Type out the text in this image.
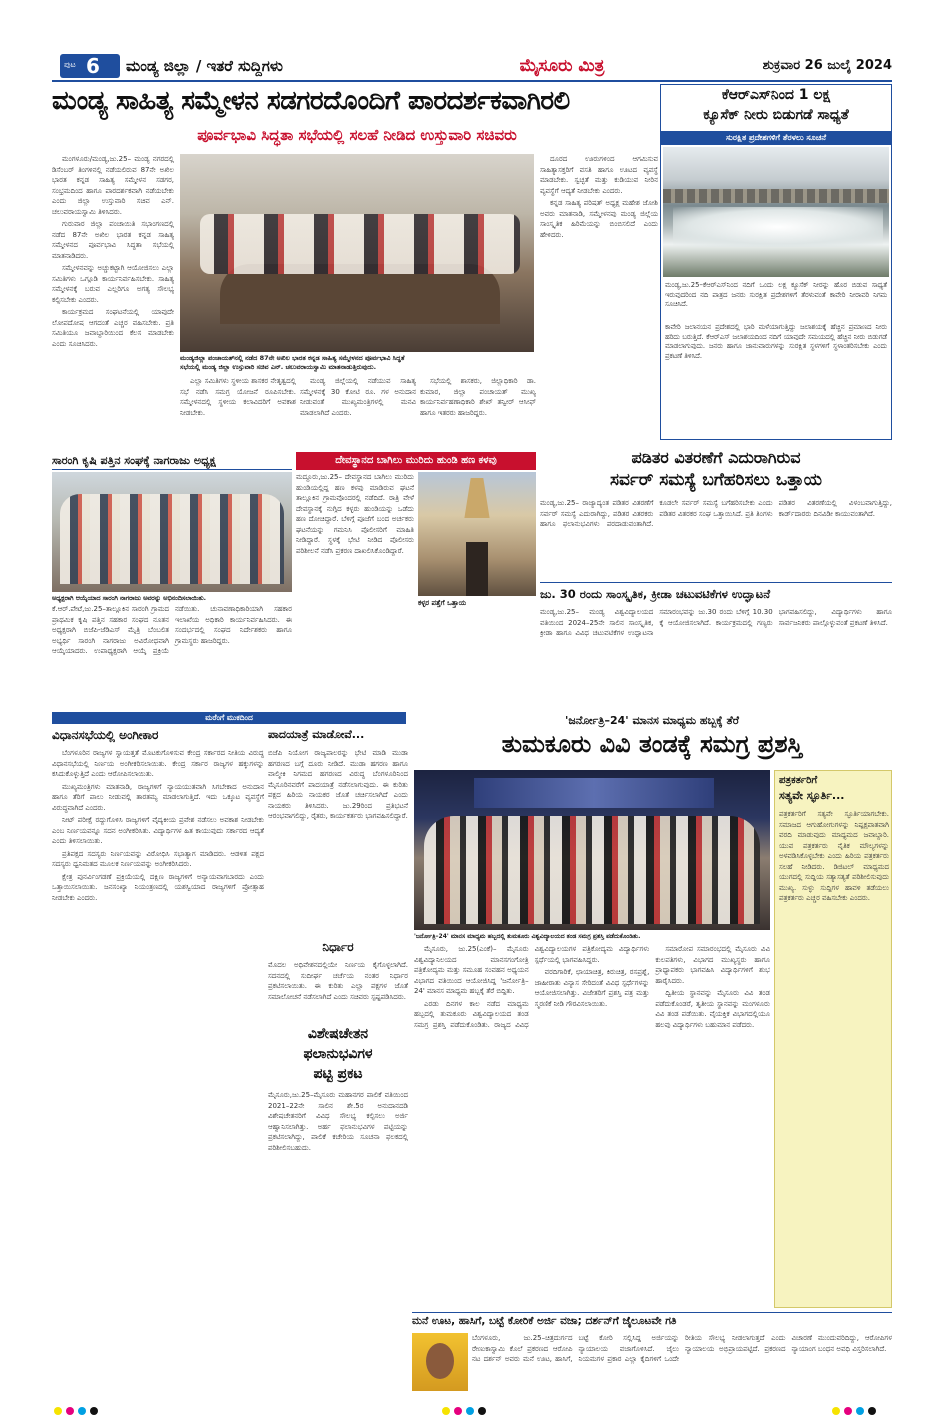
ಪುಟ 6 ಮಂಡ್ಯ ಜಿಲ್ಲಾ / ಇತರೆ ಸುದ್ದಿಗಳು	ಮೈಸೂರು ಮಿತ್ರ	ಶುಕ್ರವಾರ 26 ಜುಲೈ 2024
ಮಂಡ್ಯ ಸಾಹಿತ್ಯ ಸಮ್ಮೇಳನ ಸಡಗರದೊಂದಿಗೆ ಪಾರದರ್ಶಕವಾಗಿರಲಿ
ಪೂರ್ವಭಾವಿ ಸಿದ್ಧತಾ ಸಭೆಯಲ್ಲಿ ಸಲಹೆ ನೀಡಿದ ಉಸ್ತುವಾರಿ ಸಚಿವರು

ಮಂಗಳೂರು/ಮಂಡ್ಯ,ಜು.25– ಮಂಡ್ಯ ನಗರದಲ್ಲಿ ಡಿಸೆಂಬರ್ ತಿಂಗಳಿನಲ್ಲಿ ನಡೆಯಲಿರುವ 87ನೇ ಅಖಿಲ ಭಾರತ ಕನ್ನಡ ಸಾಹಿತ್ಯ ಸಮ್ಮೇಳನ ಸಡಗರ, ಸಂಭ್ರಮದಿಂದ ಹಾಗೂ ಪಾರದರ್ಶಕವಾಗಿ ನಡೆಯಬೇಕು ಎಂದು ಜಿಲ್ಲಾ ಉಸ್ತುವಾರಿ ಸಚಿವ ಎನ್. ಚಲುವರಾಯಸ್ವಾಮಿ ತಿಳಿಸಿದರು.

ಗುರುವಾರ ಜಿಲ್ಲಾ ಪಂಚಾಯಿತಿ ಸಭಾಂಗಣದಲ್ಲಿ ನಡೆದ 87ನೇ ಅಖಿಲ ಭಾರತ ಕನ್ನಡ ಸಾಹಿತ್ಯ ಸಮ್ಮೇಳನದ ಪೂರ್ವಭಾವಿ ಸಿದ್ಧತಾ ಸಭೆಯಲ್ಲಿ ಮಾತನಾಡಿದರು.

ಸಮ್ಮೇಳನವನ್ನು ಅಚ್ಚುಕಟ್ಟಾಗಿ ಆಯೋಜಿಸಲು ಎಲ್ಲಾ ಸಮಿತಿಗಳು ಒಗ್ಗೂಡಿ ಕಾರ್ಯನಿರ್ವಹಿಸಬೇಕು. ಸಾಹಿತ್ಯ ಸಮ್ಮೇಳನಕ್ಕೆ ಬರುವ ಎಲ್ಲರಿಗೂ ಅಗತ್ಯ ಸೌಲಭ್ಯ ಕಲ್ಪಿಸಬೇಕು ಎಂದರು.

ಕಾರ್ಯಕ್ರಮದ ಸಂಘಟನೆಯಲ್ಲಿ ಯಾವುದೇ ಲೋಪದೋಷ ಆಗದಂತೆ ಎಚ್ಚರ ವಹಿಸಬೇಕು. ಪ್ರತಿ ಸಮಿತಿಯೂ ಜವಾಬ್ದಾರಿಯಿಂದ ಕೆಲಸ ಮಾಡಬೇಕು ಎಂದು ಸೂಚಿಸಿದರು.

ಮಂಡ್ಯಜಿಲ್ಲಾ ಪಂಚಾಯತ್‌ನಲ್ಲಿ ನಡೆದ 87ನೇ ಅಖಿಲ ಭಾರತ ಕನ್ನಡ ಸಾಹಿತ್ಯ ಸಮ್ಮೇಳನದ ಪೂರ್ವಭಾವಿ ಸಿದ್ಧತೆ
ಸಭೆಯಲ್ಲಿ ಮಂಡ್ಯ ಜಿಲ್ಲಾ ಉಸ್ತುವಾರಿ ಸಚಿವ ಎನ್. ಚಲುವರಾಯಸ್ವಾಮಿ ಮಾತನಾಡುತ್ತಿರುವುದು.

ಎಲ್ಲಾ ಸಮಿತಿಗಳು ಸ್ಥಳೀಯ ಶಾಸಕರ ನೇತೃತ್ವದಲ್ಲಿ ಸಭೆ ನಡೆಸಿ ಸಮಗ್ರ ಯೋಜನೆ ರೂಪಿಸಬೇಕು. ಸಮ್ಮೇಳನದಲ್ಲಿ ಸ್ಥಳೀಯ ಕಲಾವಿದರಿಗೆ ಅವಕಾಶ ನೀಡಬೇಕು.

ಮಂಡ್ಯ ಜಿಲ್ಲೆಯಲ್ಲಿ ನಡೆಯುವ ಸಾಹಿತ್ಯ ಸಮ್ಮೇಳನಕ್ಕೆ 30 ಕೋಟಿ ರೂ. ಗಳ ಅನುದಾನ ನೀಡುವಂತೆ ಮುಖ್ಯಮಂತ್ರಿಗಳಲ್ಲಿ ಮನವಿ ಮಾಡಲಾಗಿದೆ ಎಂದರು.

ಸಭೆಯಲ್ಲಿ ಶಾಸಕರು, ಜಿಲ್ಲಾಧಿಕಾರಿ ಡಾ. ಕುಮಾರ, ಜಿಲ್ಲಾ ಪಂಚಾಯತ್ ಮುಖ್ಯ ಕಾರ್ಯನಿರ್ವಹಣಾಧಿಕಾರಿ ಶೇಖ್ ತನ್ವೀರ್ ಆಸೀಫ್ ಹಾಗೂ ಇತರರು ಹಾಜರಿದ್ದರು.

ದೂರದ ಊರುಗಳಿಂದ ಆಗಮಿಸುವ ಸಾಹಿತ್ಯಾಸಕ್ತರಿಗೆ ವಸತಿ ಹಾಗೂ ಊಟದ ವ್ಯವಸ್ಥೆ ಮಾಡಬೇಕು. ಸ್ವಚ್ಛತೆ ಮತ್ತು ಕುಡಿಯುವ ನೀರಿನ ವ್ಯವಸ್ಥೆಗೆ ಆದ್ಯತೆ ನೀಡಬೇಕು ಎಂದರು.

ಕನ್ನಡ ಸಾಹಿತ್ಯ ಪರಿಷತ್ ಅಧ್ಯಕ್ಷ ಮಹೇಶ ಜೋಶಿ ಅವರು ಮಾತನಾಡಿ, ಸಮ್ಮೇಳನವು ಮಂಡ್ಯ ಜಿಲ್ಲೆಯ ಸಾಂಸ್ಕೃತಿಕ ಹಿರಿಮೆಯನ್ನು ಬಿಂಬಿಸಲಿದೆ ಎಂದು ಹೇಳಿದರು.

ಕೆಆರ್‌ಎಸ್‌ನಿಂದ 1 ಲಕ್ಷ
ಕ್ಯೂಸೆಕ್ ನೀರು ಬಿಡುಗಡೆ ಸಾಧ್ಯತೆ
ಸುರಕ್ಷಿತ ಪ್ರದೇಶಗಳಿಗೆ ತೆರಳಲು ಸೂಚನೆ
ಮಂಡ್ಯ,ಜು.25–ಕೆಆರ್‌ಎಸ್‌ನಿಂದ ನದಿಗೆ ಒಂದು ಲಕ್ಷ ಕ್ಯೂಸೆಕ್ ನೀರನ್ನು ಹೊರ ಬಿಡುವ ಸಾಧ್ಯತೆ ಇರುವುದರಿಂದ ನದಿ ಪಾತ್ರದ ಜನರು ಸುರಕ್ಷಿತ ಪ್ರದೇಶಗಳಿಗೆ ತೆರಳುವಂತೆ ಕಾವೇರಿ ನೀರಾವರಿ ನಿಗಮ ಸೂಚಿಸಿದೆ.
ಕಾವೇರಿ ಜಲಾನಯನ ಪ್ರದೇಶದಲ್ಲಿ ಭಾರಿ ಮಳೆಯಾಗುತ್ತಿದ್ದು ಜಲಾಶಯಕ್ಕೆ ಹೆಚ್ಚಿನ ಪ್ರಮಾಣದ ನೀರು ಹರಿದು ಬರುತ್ತಿದೆ. ಕೆಆರ್‌ಎಸ್ ಜಲಾಶಯದಿಂದ ನದಿಗೆ ಯಾವುದೇ ಸಮಯದಲ್ಲಿ ಹೆಚ್ಚಿನ ನೀರು ಬಿಡುಗಡೆ ಮಾಡಲಾಗುವುದು. ಜನರು ಹಾಗೂ ಜಾನುವಾರುಗಳನ್ನು ಸುರಕ್ಷಿತ ಸ್ಥಳಗಳಿಗೆ ಸ್ಥಳಾಂತರಿಸಬೇಕು ಎಂದು ಪ್ರಕಟಣೆ ತಿಳಿಸಿದೆ.
ಸಾರಂಗಿ ಕೃಷಿ ಪತ್ತಿನ ಸಂಘಕ್ಕೆ ನಾಗರಾಜು ಅಧ್ಯಕ್ಷ
ಅಧ್ಯಕ್ಷರಾಗಿ ಆಯ್ಕೆಯಾದ ಸಾರಂಗಿ ನಾಗರಾಜು ಅವರನ್ನು ಅಭಿನಂದಿಸಲಾಯಿತು.
ಕೆ.ಆರ್.ಪೇಟೆ,ಜು.25–ತಾಲ್ಲೂಕಿನ ಸಾರಂಗಿ ಗ್ರಾಮದ ಪ್ರಾಥಮಿಕ ಕೃಷಿ ಪತ್ತಿನ ಸಹಕಾರ ಸಂಘದ ನೂತನ ಅಧ್ಯಕ್ಷರಾಗಿ ಬಿಜೆಪಿ-ಜೆಡಿಎಸ್ ಮೈತ್ರಿ ಬೆಂಬಲಿತ ಅಭ್ಯರ್ಥಿ ಸಾರಂಗಿ ನಾಗರಾಜು ಅವಿರೋಧವಾಗಿ ಆಯ್ಕೆಯಾದರು. ಉಪಾಧ್ಯಕ್ಷರಾಗಿ ಆಯ್ಕೆ ಪ್ರಕ್ರಿಯೆ ನಡೆಯಿತು. ಚುನಾವಣಾಧಿಕಾರಿಯಾಗಿ ಸಹಕಾರ ಇಲಾಖೆಯ ಅಧಿಕಾರಿ ಕಾರ್ಯನಿರ್ವಹಿಸಿದರು. ಈ ಸಂದರ್ಭದಲ್ಲಿ ಸಂಘದ ನಿರ್ದೇಶಕರು ಹಾಗೂ ಗ್ರಾಮಸ್ಥರು ಹಾಜರಿದ್ದರು.
ದೇವಸ್ಥಾನದ ಬಾಗಿಲು ಮುರಿದು ಹುಂಡಿ ಹಣ ಕಳವು
ಮದ್ದೂರು,ಜು.25– ದೇವಸ್ಥಾನದ ಬಾಗಿಲು ಮುರಿದು ಹುಂಡಿಯಲ್ಲಿದ್ದ ಹಣ ಕಳವು ಮಾಡಿರುವ ಘಟನೆ ತಾಲ್ಲೂಕಿನ ಗ್ರಾಮವೊಂದರಲ್ಲಿ ನಡೆದಿದೆ. ರಾತ್ರಿ ವೇಳೆ ದೇವಸ್ಥಾನಕ್ಕೆ ನುಗ್ಗಿದ ಕಳ್ಳರು ಹುಂಡಿಯನ್ನು ಒಡೆದು ಹಣ ದೋಚಿದ್ದಾರೆ. ಬೆಳಿಗ್ಗೆ ಪೂಜೆಗೆ ಬಂದ ಅರ್ಚಕರು ಘಟನೆಯನ್ನು ಗಮನಿಸಿ ಪೊಲೀಸರಿಗೆ ಮಾಹಿತಿ ನೀಡಿದ್ದಾರೆ. ಸ್ಥಳಕ್ಕೆ ಭೇಟಿ ನೀಡಿದ ಪೊಲೀಸರು ಪರಿಶೀಲನೆ ನಡೆಸಿ ಪ್ರಕರಣ ದಾಖಲಿಸಿಕೊಂಡಿದ್ದಾರೆ.
ಕಳ್ಳರ ಪತ್ತೆಗೆ ಒತ್ತಾಯ
ಪಡಿತರ ವಿತರಣೆಗೆ ಎದುರಾಗಿರುವ
ಸರ್ವರ್ ಸಮಸ್ಯೆ ಬಗೆಹರಿಸಲು ಒತ್ತಾಯ
ಮಂಡ್ಯ,ಜು.25– ರಾಜ್ಯಾದ್ಯಂತ ಪಡಿತರ ವಿತರಣೆಗೆ ಸರ್ವರ್ ಸಮಸ್ಯೆ ಎದುರಾಗಿದ್ದು, ಪಡಿತರ ವಿತರಕರು ಹಾಗೂ ಫಲಾನುಭವಿಗಳು ಪರದಾಡುವಂತಾಗಿದೆ. ಕೂಡಲೇ ಸರ್ವರ್ ಸಮಸ್ಯೆ ಬಗೆಹರಿಸಬೇಕು ಎಂದು ಪಡಿತರ ವಿತರಕರ ಸಂಘ ಒತ್ತಾಯಿಸಿದೆ. ಪ್ರತಿ ತಿಂಗಳು ಪಡಿತರ ವಿತರಣೆಯಲ್ಲಿ ವಿಳಂಬವಾಗುತ್ತಿದ್ದು, ಕಾರ್ಡ್‌ದಾರರು ದಿನವಿಡೀ ಕಾಯುವಂತಾಗಿದೆ.
ಜು. 30 ರಂದು ಸಾಂಸ್ಕೃತಿಕ, ಕ್ರೀಡಾ ಚಟುವಟಿಕೆಗಳ ಉದ್ಘಾಟನೆ
ಮಂಡ್ಯ,ಜು.25– ಮಂಡ್ಯ ವಿಶ್ವವಿದ್ಯಾಲಯದ ವತಿಯಿಂದ 2024–25ನೇ ಸಾಲಿನ ಸಾಂಸ್ಕೃತಿಕ, ಕ್ರೀಡಾ ಹಾಗೂ ವಿವಿಧ ಚಟುವಟಿಕೆಗಳ ಉದ್ಘಾಟನಾ ಸಮಾರಂಭವನ್ನು ಜು.30 ರಂದು ಬೆಳಿಗ್ಗೆ 10.30 ಕ್ಕೆ ಆಯೋಜಿಸಲಾಗಿದೆ. ಕಾರ್ಯಕ್ರಮದಲ್ಲಿ ಗಣ್ಯರು ಭಾಗವಹಿಸಲಿದ್ದು, ವಿದ್ಯಾರ್ಥಿಗಳು ಹಾಗೂ ಸಾರ್ವಜನಿಕರು ಪಾಲ್ಗೊಳ್ಳುವಂತೆ ಪ್ರಕಟಣೆ ತಿಳಿಸಿದೆ.
ಮರೆಂಗೆ ಮುಕದಿಂದ
ವಿಧಾನಸಭೆಯಲ್ಲಿ ಅಂಗೀಕಾರ

ಬೆಂಗಳೂರಿನ ರಾಜ್ಯಗಳ ಸ್ವಾಯತ್ತತೆ ಮೊಟಕುಗೊಳಿಸುವ ಕೇಂದ್ರ ಸರ್ಕಾರದ ನೀತಿಯ ವಿರುದ್ಧ ವಿಧಾನಸಭೆಯಲ್ಲಿ ನಿರ್ಣಯ ಅಂಗೀಕರಿಸಲಾಯಿತು. ಕೇಂದ್ರ ಸರ್ಕಾರ ರಾಜ್ಯಗಳ ಹಕ್ಕುಗಳನ್ನು ಕಸಿದುಕೊಳ್ಳುತ್ತಿದೆ ಎಂದು ಆರೋಪಿಸಲಾಯಿತು.

ಮುಖ್ಯಮಂತ್ರಿಗಳು ಮಾತನಾಡಿ, ರಾಜ್ಯಗಳಿಗೆ ನ್ಯಾಯಯುತವಾಗಿ ಸಿಗಬೇಕಾದ ಅನುದಾನ ಹಾಗೂ ತೆರಿಗೆ ಪಾಲು ನೀಡುವಲ್ಲಿ ತಾರತಮ್ಯ ಮಾಡಲಾಗುತ್ತಿದೆ. ಇದು ಒಕ್ಕೂಟ ವ್ಯವಸ್ಥೆಗೆ ವಿರುದ್ಧವಾಗಿದೆ ಎಂದರು.

ನೀಟ್ ಪರೀಕ್ಷೆ ರದ್ದುಗೊಳಿಸಿ ರಾಜ್ಯಗಳಿಗೆ ವೈದ್ಯಕೀಯ ಪ್ರವೇಶ ನಡೆಸಲು ಅವಕಾಶ ನೀಡಬೇಕು ಎಂಬ ನಿರ್ಣಯವನ್ನೂ ಸದನ ಅಂಗೀಕರಿಸಿತು. ವಿದ್ಯಾರ್ಥಿಗಳ ಹಿತ ಕಾಯುವುದು ಸರ್ಕಾರದ ಆದ್ಯತೆ ಎಂದು ತಿಳಿಸಲಾಯಿತು.

ಪ್ರತಿಪಕ್ಷದ ಸದಸ್ಯರು ನಿರ್ಣಯವನ್ನು ವಿರೋಧಿಸಿ ಸಭಾತ್ಯಾಗ ಮಾಡಿದರು. ಆಡಳಿತ ಪಕ್ಷದ ಸದಸ್ಯರು ಧ್ವನಿಮತದ ಮೂಲಕ ನಿರ್ಣಯವನ್ನು ಅಂಗೀಕರಿಸಿದರು.

ಕ್ಷೇತ್ರ ಪುನರ್ವಿಂಗಡಣೆ ಪ್ರಕ್ರಿಯೆಯಲ್ಲಿ ದಕ್ಷಿಣ ರಾಜ್ಯಗಳಿಗೆ ಅನ್ಯಾಯವಾಗಬಾರದು ಎಂದು ಒತ್ತಾಯಿಸಲಾಯಿತು. ಜನಸಂಖ್ಯಾ ನಿಯಂತ್ರಣದಲ್ಲಿ ಯಶಸ್ವಿಯಾದ ರಾಜ್ಯಗಳಿಗೆ ಪ್ರೋತ್ಸಾಹ ನೀಡಬೇಕು ಎಂದರು.

ಪಾದಯಾತ್ರೆ ಮಾಡೋವೆ...
ಬಿಜೆಪಿ ನಿಯೋಗ ರಾಜ್ಯಪಾಲರನ್ನು ಭೇಟಿ ಮಾಡಿ ಮುಡಾ ಹಗರಣದ ಬಗ್ಗೆ ದೂರು ನೀಡಿದೆ. ಮುಡಾ ಹಗರಣ ಹಾಗೂ ವಾಲ್ಮೀಕಿ ನಿಗಮದ ಹಗರಣದ ವಿರುದ್ಧ ಬೆಂಗಳೂರಿನಿಂದ ಮೈಸೂರಿನವರೆಗೆ ಪಾದಯಾತ್ರೆ ನಡೆಸಲಾಗುವುದು. ಈ ಕುರಿತು ಪಕ್ಷದ ಹಿರಿಯ ನಾಯಕರ ಜೊತೆ ಚರ್ಚಿಸಲಾಗಿದೆ ಎಂದು ನಾಯಕರು ತಿಳಿಸಿದರು. ಜು.29ರಿಂದ ಪ್ರತಿಭಟನೆ ಆರಂಭವಾಗಲಿದ್ದು, ರೈತರು, ಕಾರ್ಯಕರ್ತರು ಭಾಗವಹಿಸಲಿದ್ದಾರೆ.
ನಿರ್ಧಾರ
ಮೊದಲ ಅಧಿವೇಶನದಲ್ಲಿಯೇ ನಿರ್ಣಯ ಕೈಗೊಳ್ಳಲಾಗಿದೆ. ಸದನದಲ್ಲಿ ಸುದೀರ್ಘ ಚರ್ಚೆಯ ನಂತರ ನಿರ್ಧಾರ ಪ್ರಕಟಿಸಲಾಯಿತು. ಈ ಕುರಿತು ಎಲ್ಲಾ ಪಕ್ಷಗಳ ಜೊತೆ ಸಮಾಲೋಚನೆ ನಡೆಸಲಾಗಿದೆ ಎಂದು ಸಚಿವರು ಸ್ಪಷ್ಟಪಡಿಸಿದರು.
ವಿಶೇಷಚೇತನ
ಫಲಾನುಭವಿಗಳ
ಪಟ್ಟಿ ಪ್ರಕಟ
ಮೈಸೂರು,ಜು.25–ಮೈಸೂರು ಮಹಾನಗರ ಪಾಲಿಕೆ ವತಿಯಿಂದ 2021–22ನೇ ಸಾಲಿನ ಶೇ.5ರ ಅನುದಾನದಡಿ ವಿಶೇಷಚೇತನರಿಗೆ ವಿವಿಧ ಸೌಲಭ್ಯ ಕಲ್ಪಿಸಲು ಅರ್ಜಿ ಆಹ್ವಾನಿಸಲಾಗಿತ್ತು. ಅರ್ಹ ಫಲಾನುಭವಿಗಳ ಪಟ್ಟಿಯನ್ನು ಪ್ರಕಟಿಸಲಾಗಿದ್ದು, ಪಾಲಿಕೆ ಕಚೇರಿಯ ಸೂಚನಾ ಫಲಕದಲ್ಲಿ ಪರಿಶೀಲಿಸಬಹುದು.
'ಜರ್ನೋತ್ರಿ–24' ಮಾನಸ ಮಾಧ್ಯಮ ಹಬ್ಬಕ್ಕೆ ತೆರೆ
ತುಮಕೂರು ವಿವಿ ತಂಡಕ್ಕೆ ಸಮಗ್ರ ಪ್ರಶಸ್ತಿ
'ಜರ್ನೋತ್ರಿ–24' ಮಾನಸ ಮಾಧ್ಯಮ ಹಬ್ಬದಲ್ಲಿ ತುಮಕೂರು ವಿಶ್ವವಿದ್ಯಾಲಯದ ತಂಡ ಸಮಗ್ರ ಪ್ರಶಸ್ತಿ ಪಡೆದುಕೊಂಡಿತು.

ಮೈಸೂರು, ಜು.25(ಎಂಕೆ)– ಮೈಸೂರು ವಿಶ್ವವಿದ್ಯಾನಿಲಯದ ಮಾನಸಗಂಗೋತ್ರಿ ಪತ್ರಿಕೋದ್ಯಮ ಮತ್ತು ಸಮೂಹ ಸಂವಹನ ಅಧ್ಯಯನ ವಿಭಾಗದ ವತಿಯಿಂದ ಆಯೋಜಿಸಿದ್ದ 'ಜರ್ನೋತ್ರಿ–24' ಮಾನಸ ಮಾಧ್ಯಮ ಹಬ್ಬಕ್ಕೆ ತೆರೆ ಬಿದ್ದಿತು.

ಎರಡು ದಿನಗಳ ಕಾಲ ನಡೆದ ಮಾಧ್ಯಮ ಹಬ್ಬದಲ್ಲಿ ತುಮಕೂರು ವಿಶ್ವವಿದ್ಯಾಲಯದ ತಂಡ ಸಮಗ್ರ ಪ್ರಶಸ್ತಿ ಪಡೆದುಕೊಂಡಿತು. ರಾಜ್ಯದ ವಿವಿಧ ವಿಶ್ವವಿದ್ಯಾಲಯಗಳ ಪತ್ರಿಕೋದ್ಯಮ ವಿದ್ಯಾರ್ಥಿಗಳು ಸ್ಪರ್ಧೆಯಲ್ಲಿ ಭಾಗವಹಿಸಿದ್ದರು.

ವರದಿಗಾರಿಕೆ, ಛಾಯಾಚಿತ್ರ, ಕಿರುಚಿತ್ರ, ರಸಪ್ರಶ್ನೆ, ಜಾಹೀರಾತು ವಿನ್ಯಾಸ ಸೇರಿದಂತೆ ವಿವಿಧ ಸ್ಪರ್ಧೆಗಳನ್ನು ಆಯೋಜಿಸಲಾಗಿತ್ತು. ವಿಜೇತರಿಗೆ ಪ್ರಶಸ್ತಿ ಪತ್ರ ಮತ್ತು ಸ್ಮರಣಿಕೆ ನೀಡಿ ಗೌರವಿಸಲಾಯಿತು.

ಸಮಾರೋಪ ಸಮಾರಂಭದಲ್ಲಿ ಮೈಸೂರು ವಿವಿ ಕುಲಪತಿಗಳು, ವಿಭಾಗದ ಮುಖ್ಯಸ್ಥರು ಹಾಗೂ ಪ್ರಾಧ್ಯಾಪಕರು ಭಾಗವಹಿಸಿ ವಿದ್ಯಾರ್ಥಿಗಳಿಗೆ ಶುಭ ಹಾರೈಸಿದರು.

ದ್ವಿತೀಯ ಸ್ಥಾನವನ್ನು ಮೈಸೂರು ವಿವಿ ತಂಡ ಪಡೆದುಕೊಂಡರೆ, ತೃತೀಯ ಸ್ಥಾನವನ್ನು ಮಂಗಳೂರು ವಿವಿ ತಂಡ ಪಡೆಯಿತು. ವೈಯಕ್ತಿಕ ವಿಭಾಗದಲ್ಲಿಯೂ ಹಲವು ವಿದ್ಯಾರ್ಥಿಗಳು ಬಹುಮಾನ ಪಡೆದರು.

ಪತ್ರಕರ್ತರಿಗೆ
ಸತ್ಯವೇ ಸ್ಫೂರ್ತಿ...
ಪತ್ರಕರ್ತರಿಗೆ ಸತ್ಯವೇ ಸ್ಫೂರ್ತಿಯಾಗಬೇಕು. ಸಮಾಜದ ಆಗುಹೋಗುಗಳನ್ನು ನಿಷ್ಪಕ್ಷಪಾತವಾಗಿ ವರದಿ ಮಾಡುವುದು ಮಾಧ್ಯಮದ ಜವಾಬ್ದಾರಿ. ಯುವ ಪತ್ರಕರ್ತರು ನೈತಿಕ ಮೌಲ್ಯಗಳನ್ನು ಅಳವಡಿಸಿಕೊಳ್ಳಬೇಕು ಎಂದು ಹಿರಿಯ ಪತ್ರಕರ್ತರು ಸಲಹೆ ನೀಡಿದರು. ಡಿಜಿಟಲ್ ಮಾಧ್ಯಮದ ಯುಗದಲ್ಲಿ ಸುದ್ದಿಯ ಸತ್ಯಾಸತ್ಯತೆ ಪರಿಶೀಲಿಸುವುದು ಮುಖ್ಯ. ಸುಳ್ಳು ಸುದ್ದಿಗಳ ಹಾವಳಿ ತಡೆಯಲು ಪತ್ರಕರ್ತರು ಎಚ್ಚರ ವಹಿಸಬೇಕು ಎಂದರು.
ಮನೆ ಊಟ, ಹಾಸಿಗೆ, ಬಟ್ಟೆ ಕೋರಿಕೆ ಅರ್ಜಿ ವಜಾ; ದರ್ಶನ್‌ಗೆ ಜೈಲೂಟವೇ ಗತಿ
ಬೆಂಗಳೂರು, ಜು.25–ಚಿತ್ರದುರ್ಗದ ರೇಣುಕಾಸ್ವಾಮಿ ಕೊಲೆ ಪ್ರಕರಣದ ಆರೋಪಿ ನಟ ದರ್ಶನ್ ಅವರು ಮನೆ ಊಟ, ಹಾಸಿಗೆ, ಬಟ್ಟೆ ಕೋರಿ ಸಲ್ಲಿಸಿದ್ದ ಅರ್ಜಿಯನ್ನು ನ್ಯಾಯಾಲಯ ವಜಾಗೊಳಿಸಿದೆ. ಜೈಲು ನಿಯಮಗಳ ಪ್ರಕಾರ ಎಲ್ಲಾ ಕೈದಿಗಳಿಗೆ ಒಂದೇ ರೀತಿಯ ಸೌಲಭ್ಯ ನೀಡಲಾಗುತ್ತದೆ ಎಂದು ನ್ಯಾಯಾಲಯ ಅಭಿಪ್ರಾಯಪಟ್ಟಿದೆ. ಪ್ರಕರಣದ ವಿಚಾರಣೆ ಮುಂದುವರಿದಿದ್ದು, ಆರೋಪಿಗಳ ನ್ಯಾಯಾಂಗ ಬಂಧನ ಅವಧಿ ವಿಸ್ತರಿಸಲಾಗಿದೆ.
